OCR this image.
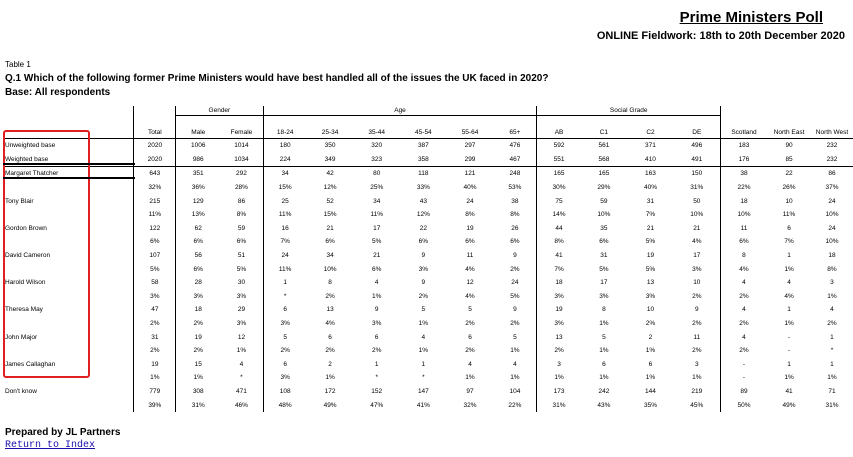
Prime Ministers Poll
ONLINE Fieldwork: 18th to 20th December 2020
Table 1
Q.1 Which of the following former Prime Ministers would have best handled all of the issues the UK faced in 2020?
Base: All respondents
		Gender		Age						Social Grade						
	Total	Male	Female	18-24	25-34	35-44	45-54	55-64	65+	AB	C1	C2	DE	Scotland	North East	North West
Unweighted base	2020	1006	1014	180	350	320	387	297	476	592	561	371	496	183	90	232
Weighted base	2020	986	1034	224	349	323	358	299	467	551	568	410	491	176	85	232
Margaret Thatcher	643	351	292	34	42	80	118	121	248	165	165	163	150	38	22	86
	32%	36%	28%	15%	12%	25%	33%	40%	53%	30%	29%	40%	31%	22%	26%	37%
Tony Blair	215	129	86	25	52	34	43	24	38	75	59	31	50	18	10	24
	11%	13%	8%	11%	15%	11%	12%	8%	8%	14%	10%	7%	10%	10%	11%	10%
Gordon Brown	122	62	59	16	21	17	22	19	26	44	35	21	21	11	6	24
	6%	6%	6%	7%	6%	5%	6%	6%	6%	8%	6%	5%	4%	6%	7%	10%
David Cameron	107	56	51	24	34	21	9	11	9	41	31	19	17	8	1	18
	5%	6%	5%	11%	10%	6%	3%	4%	2%	7%	5%	5%	3%	4%	1%	8%
Harold Wilson	58	28	30	1	8	4	9	12	24	18	17	13	10	4	4	3
	3%	3%	3%	*	2%	1%	2%	4%	5%	3%	3%	3%	2%	2%	4%	1%
Theresa May	47	18	29	6	13	9	5	5	9	19	8	10	9	4	1	4
	2%	2%	3%	3%	4%	3%	1%	2%	2%	3%	1%	2%	2%	2%	1%	2%
John Major	31	19	12	5	6	6	4	6	5	13	5	2	11	4	-	1
	2%	2%	1%	2%	2%	2%	1%	2%	1%	2%	1%	1%	2%	2%	-	*
James Callaghan	19	15	4	6	2	1	1	4	4	3	6	6	3	-	1	1
	1%	1%	*	3%	1%	*	*	1%	1%	1%	1%	1%	1%	-	1%	1%
Don't know	779	308	471	108	172	152	147	97	104	173	242	144	219	89	41	71
	39%	31%	46%	48%	49%	47%	41%	32%	22%	31%	43%	35%	45%	50%	49%	31%
Prepared by JL Partners
Return to Index
